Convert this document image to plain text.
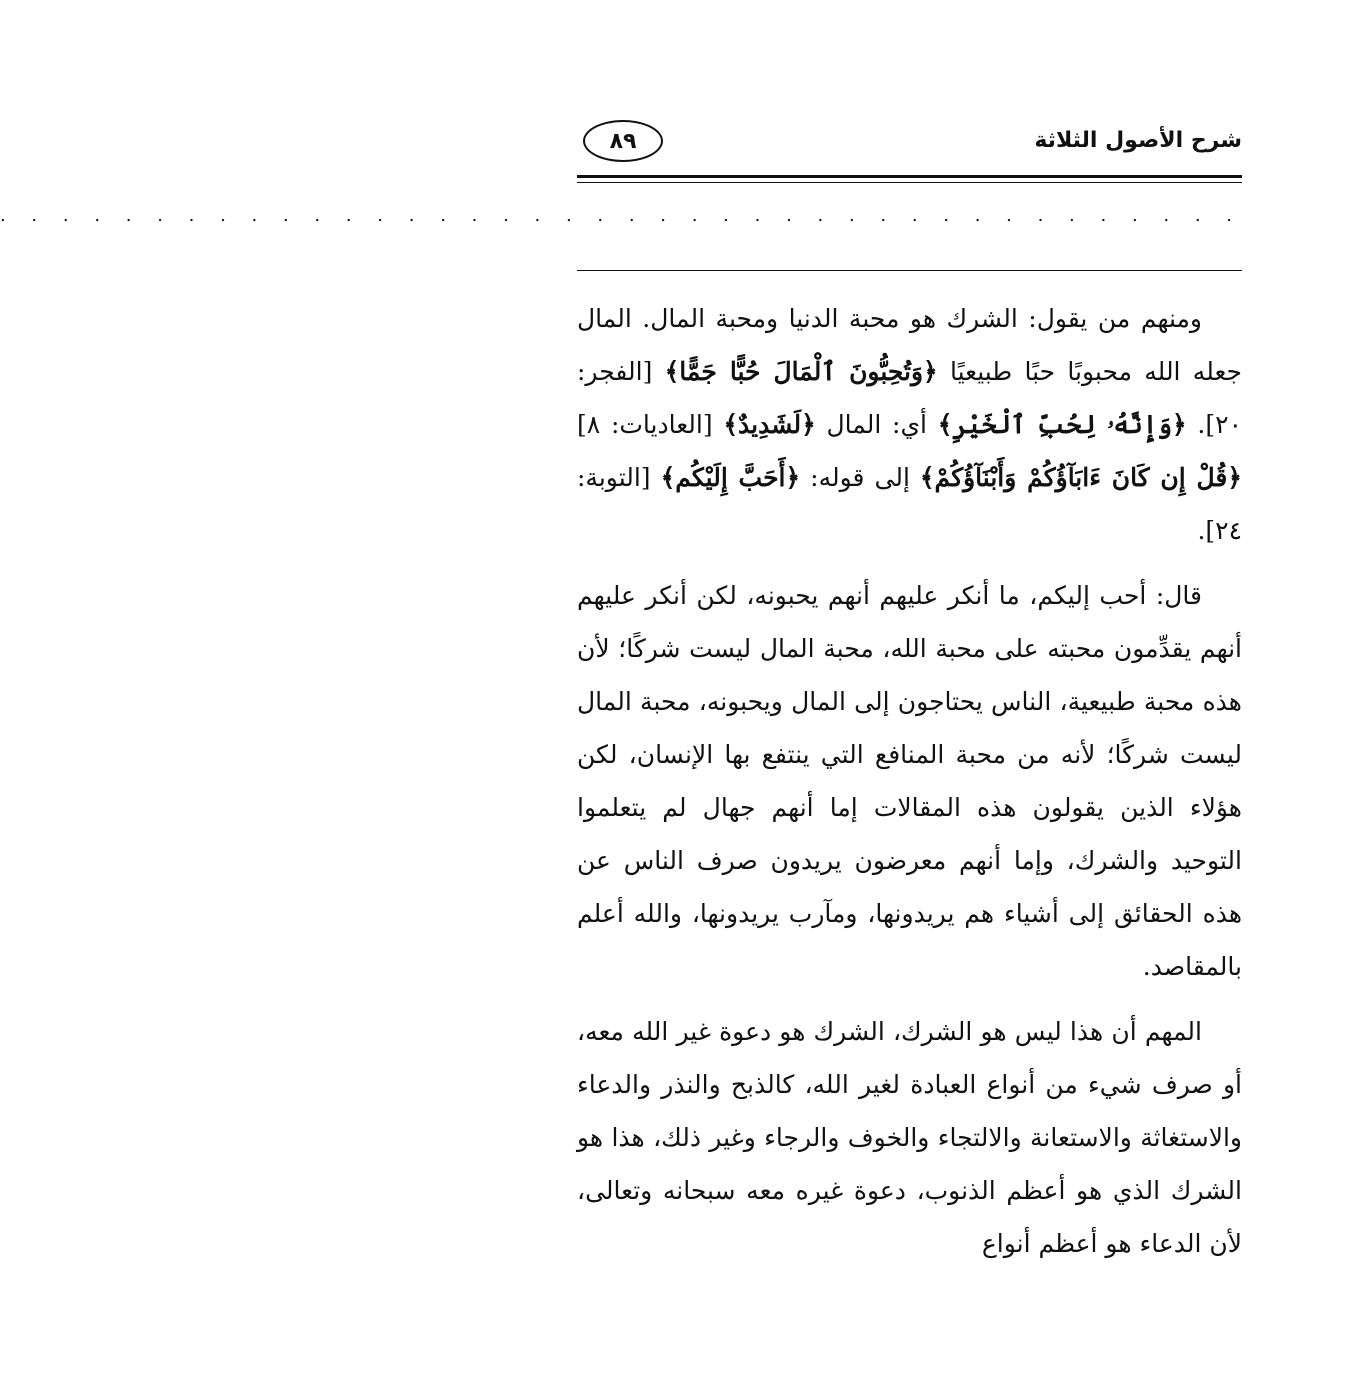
شرح الأصول الثلاثة
٨٩
. . . . . . . . . . . . . . . . . . . . . . . . . . . . . . . . . . . . . . . .

ومنهم من يقول: الشرك هو محبة الدنيا ومحبة المال. المال جعله الله محبوبًا حبًا طبيعيًا ﴿وَتُحِبُّونَ ٱلْمَالَ حُبًّا جَمًّا﴾ [الفجر: ٢٠]. ﴿وَإِنَّهُۥ لِحُبِّ ٱلْخَيْرِ﴾ أي: المال ﴿لَشَدِيدٌ﴾ [العاديات: ٨] ﴿قُلْ إِن كَانَ ءَابَآؤُكُمْ وَأَبْنَآؤُكُمْ﴾ إلى قوله: ﴿أَحَبَّ إِلَيْكُم﴾ [التوبة: ٢٤].

قال: أحب إليكم، ما أنكر عليهم أنهم يحبونه، لكن أنكر عليهم أنهم يقدِّمون محبته على محبة الله، محبة المال ليست شركًا؛ لأن هذه محبة طبيعية، الناس يحتاجون إلى المال ويحبونه، محبة المال ليست شركًا؛ لأنه من محبة المنافع التي ينتفع بها الإنسان، لكن هؤلاء الذين يقولون هذه المقالات إما أنهم جهال لم يتعلموا التوحيد والشرك، وإما أنهم معرضون يريدون صرف الناس عن هذه الحقائق إلى أشياء هم يريدونها، ومآرب يريدونها، والله أعلم بالمقاصد.

المهم أن هذا ليس هو الشرك، الشرك هو دعوة غير الله معه، أو صرف شيء من أنواع العبادة لغير الله، كالذبح والنذر والدعاء والاستغاثة والاستعانة والالتجاء والخوف والرجاء وغير ذلك، هذا هو الشرك الذي هو أعظم الذنوب، دعوة غيره معه سبحانه وتعالى، لأن الدعاء هو أعظم أنواع
